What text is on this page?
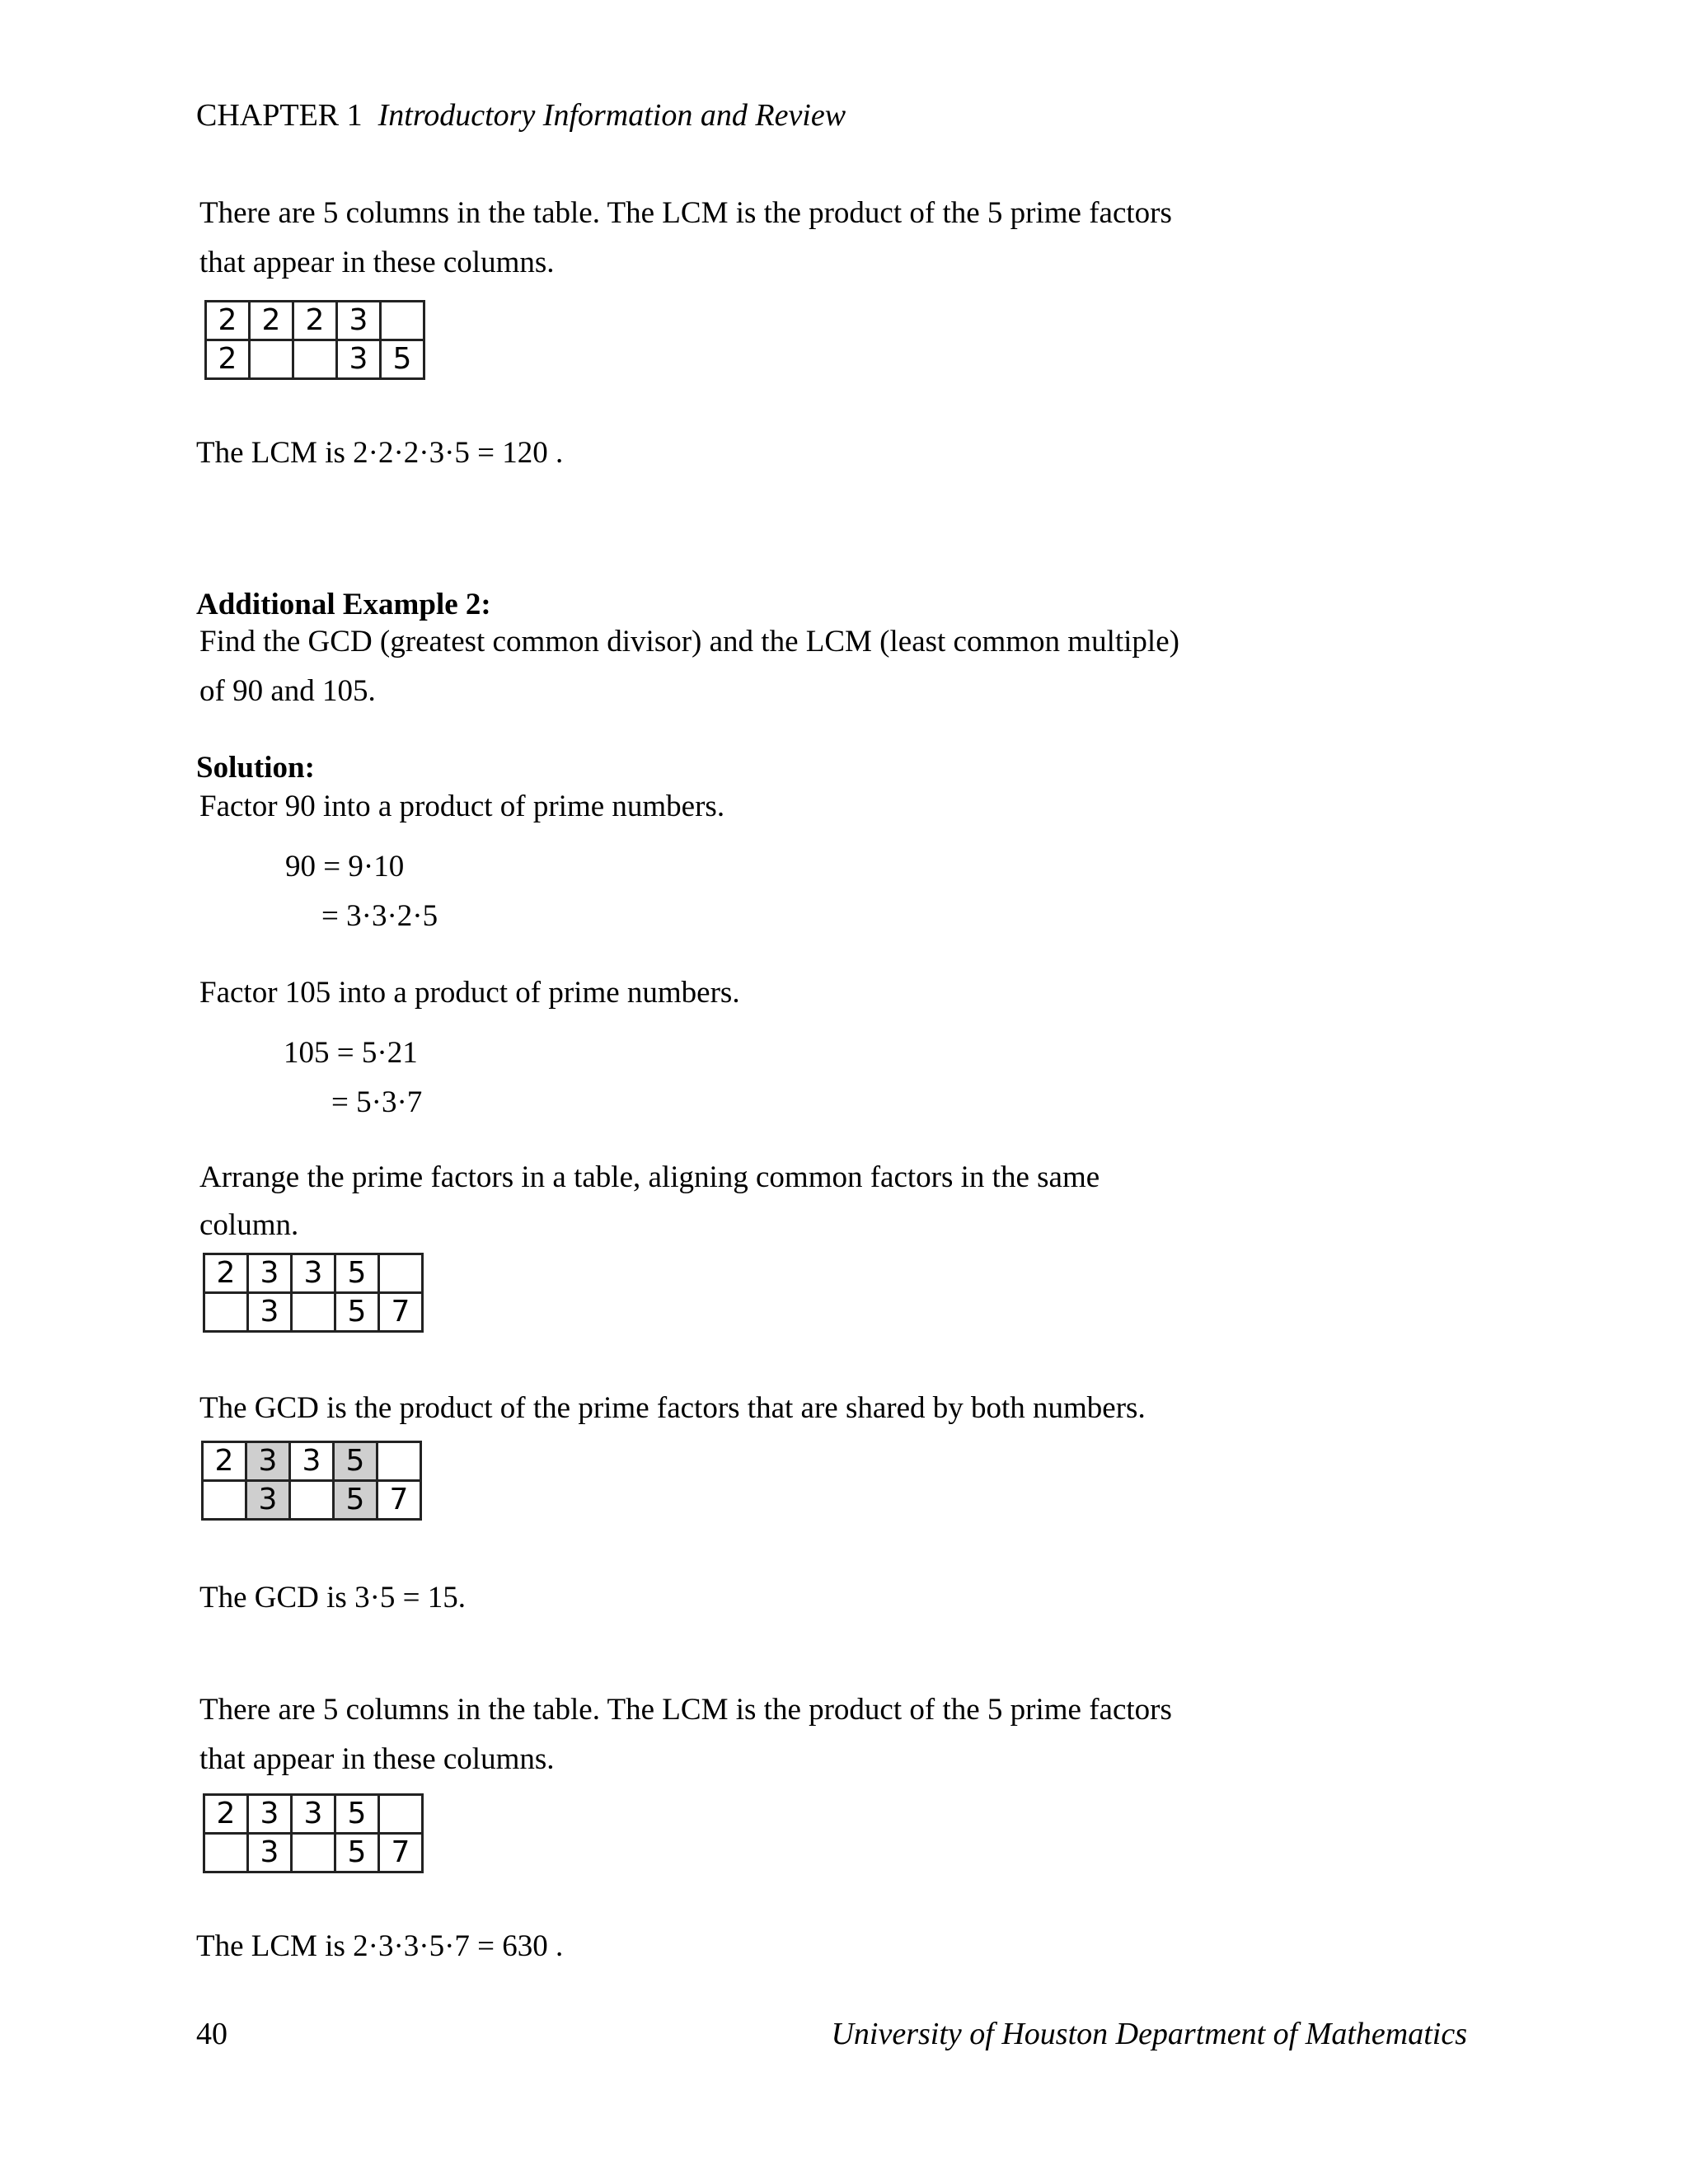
CHAPTER 1 Introductory Information and Review
There are 5 columns in the table. The LCM is the product of the 5 prime factors
that appear in these columns.
2	2	2	3	
2			3	5
The LCM is 2·2·2·3·5 = 120 .
Additional Example 2:
Find the GCD (greatest common divisor) and the LCM (least common multiple)
of 90 and 105.
Solution:
Factor 90 into a product of prime numbers.
90 = 9·10
= 3·3·2·5
Factor 105 into a product of prime numbers.
105 = 5·21
= 5·3·7
Arrange the prime factors in a table, aligning common factors in the same
column.
2	3	3	5	
	3		5	7
The GCD is the product of the prime factors that are shared by both numbers.
2	3	3	5	
	3		5	7
The GCD is 3·5 = 15.
There are 5 columns in the table. The LCM is the product of the 5 prime factors
that appear in these columns.
2	3	3	5	
	3		5	7
The LCM is 2·3·3·5·7 = 630 .
40	University of Houston Department of Mathematics
